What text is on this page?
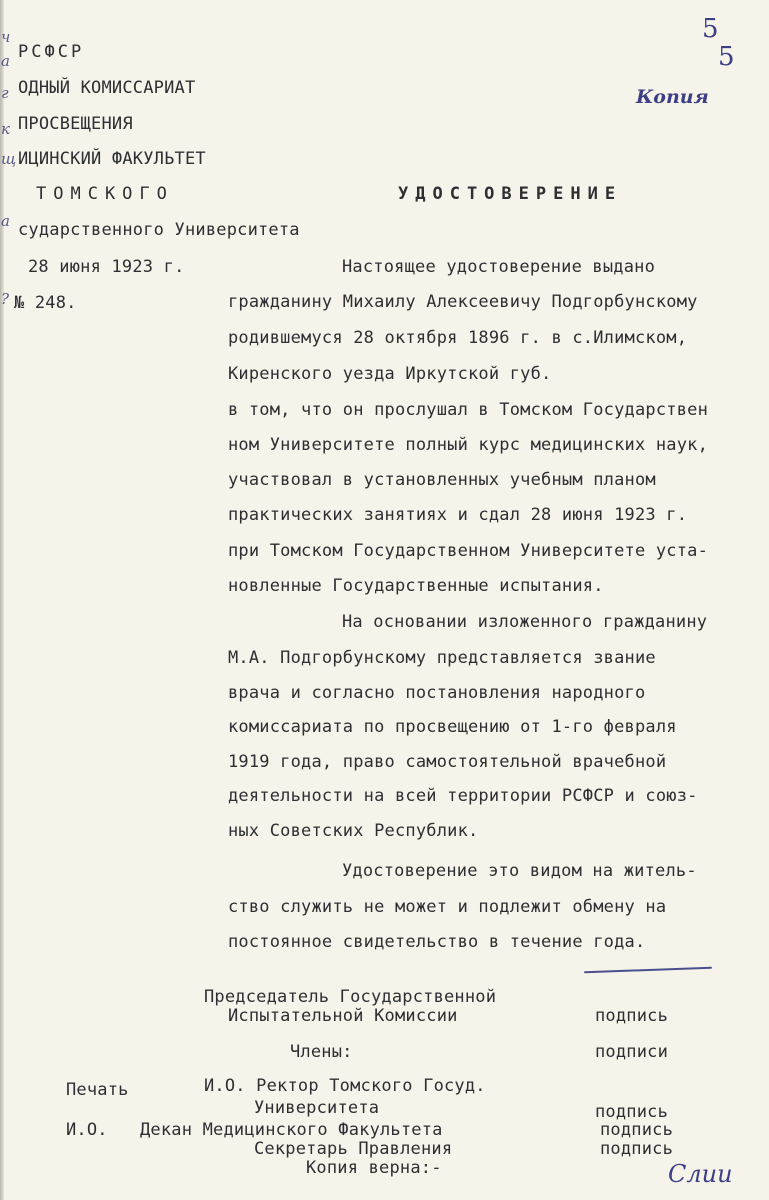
ч
а
г
к
щ
а
?
РСФСР
ОДНЫЙ КОМИССАРИАТ
ПРОСВЕЩЕНИЯ
ИЦИНСКИЙ ФАКУЛЬТЕТ
ТОМСКОГО
сударственного Университета
28 июня 1923 г.
№ 248.
5
5
Копия
УДОСТОВЕРЕНИЕ
Настоящее удостоверение выдано
гражданину Михаилу Алексеевичу Подгорбунскому
родившемуся 28 октября 1896 г. в с.Илимском,
Киренского уезда Иркутской губ.
в том, что он прослушал в Томском Государствен
ном Университете полный курс медицинских наук,
участвовал в установленных учебным планом
практических занятиях и сдал 28 июня 1923 г.
при Томском Государственном Университете уста-
новленные Государственные испытания.
На основании изложенного гражданину
М.А. Подгорбунскому представляется звание
врача и согласно постановления народного
комиссариата по просвещению от 1-го февраля
1919 года, право самостоятельной врачебной
деятельности на всей территории РСФСР и союз-
ных Советских Республик.
Удостоверение это видом на житель-
ство служить не может и подлежит обмену на
постоянное свидетельство в течение года.
Председатель Государственной
Испытательной Комиссии	подпись
Члены:	подписи
Печать	И.О. Ректор Томского Госуд.
Университета	подпись
И.О. Декан Медицинского Факультета	подпись
Секретарь Правления	подпись
Копия верна:-	Слии
